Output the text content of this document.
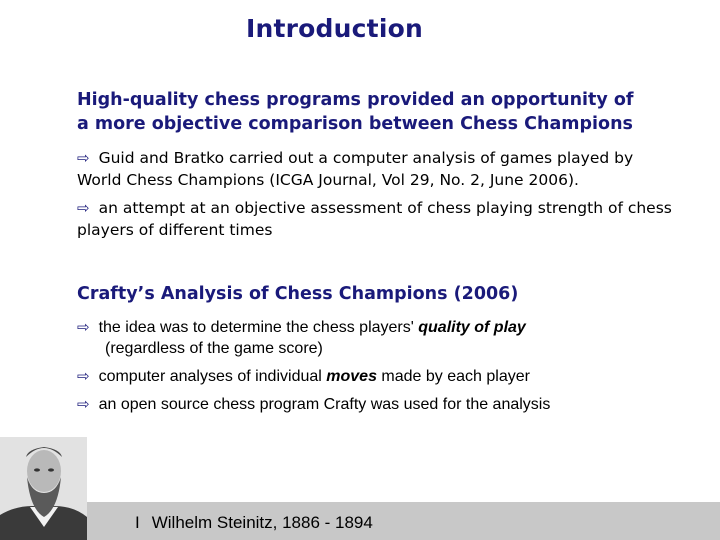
Introduction
High-quality chess programs provided an opportunity of
a more objective comparison between Chess Champions
⇨ Guid and Bratko carried out a computer analysis of games played by World Chess Champions (ICGA Journal, Vol 29, No. 2, June 2006).
⇨ an attempt at an objective assessment of chess playing strength of chess players of different times
Crafty’s Analysis of Chess Champions (2006)
⇨ the idea was to determine the chess players' quality of play
(regardless of the game score)
⇨ computer analyses of individual moves made by each player
⇨ an open source chess program Crafty was used for the analysis
I Wilhelm Steinitz, 1886 - 1894
